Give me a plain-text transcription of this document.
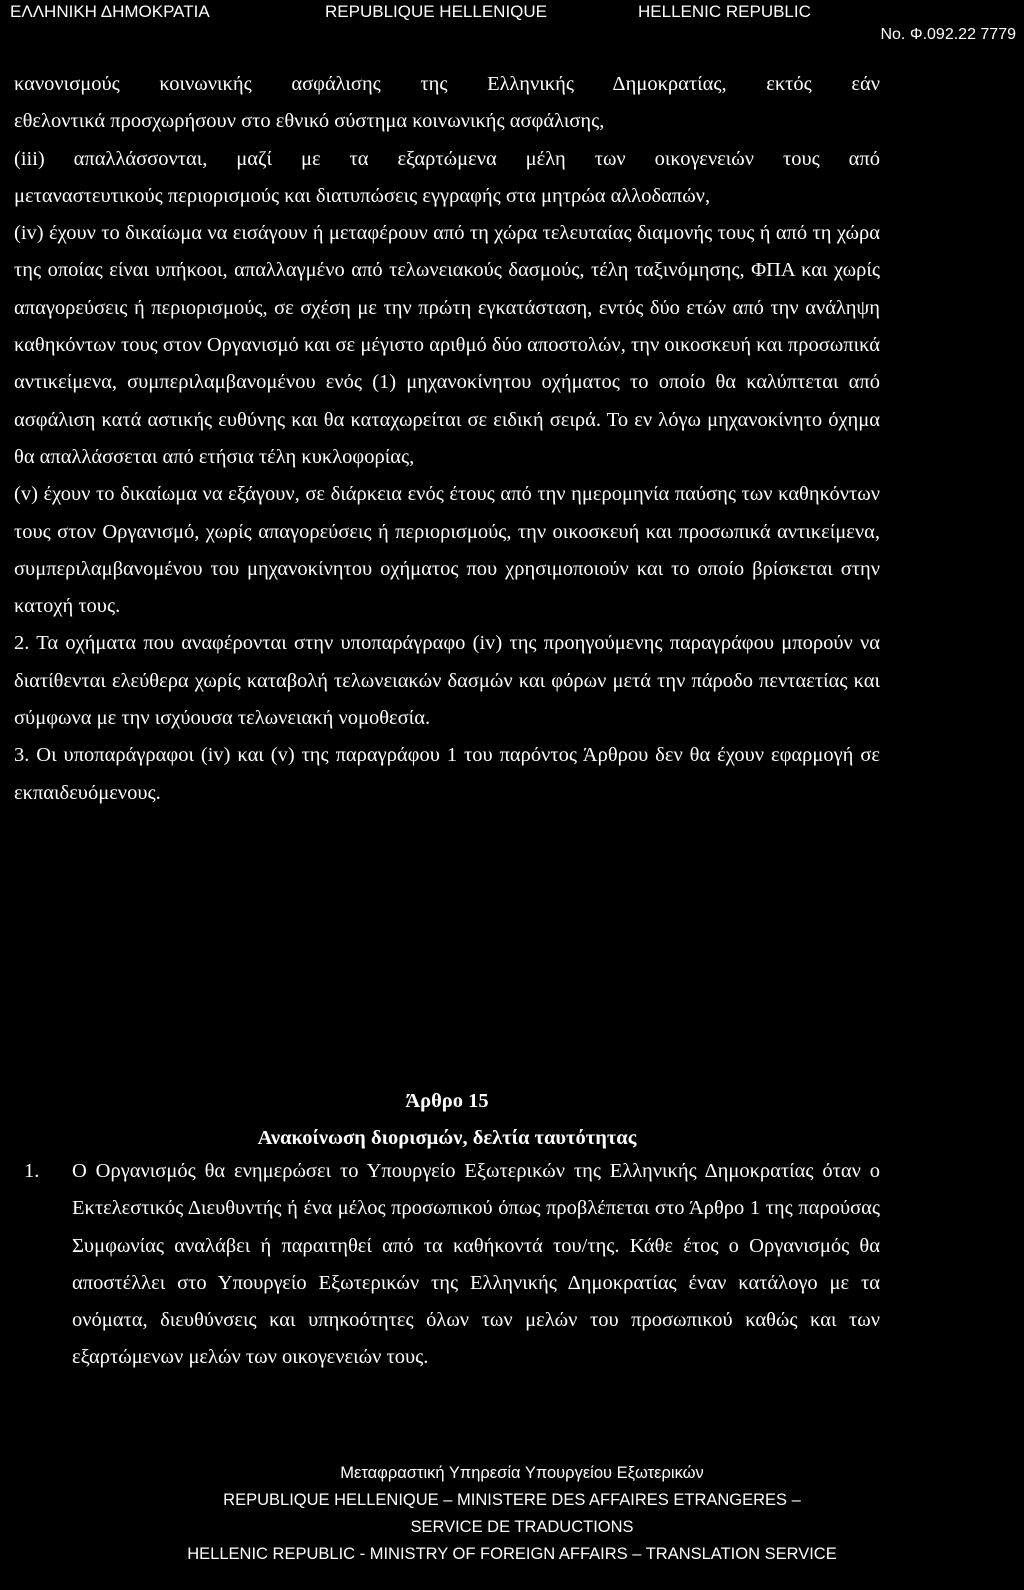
ΕΛΛΗΝΙΚΗ ΔΗΜΟΚΡΑΤΙΑ	REPUBLIQUE HELLENIQUE	HELLENIC REPUBLIC
No. Φ.092.22 7779

κανονισμούς κοινωνικής ασφάλισης της Ελληνικής Δημοκρατίας, εκτός εάν

εθελοντικά προσχωρήσουν στο εθνικό σύστημα κοινωνικής ασφάλισης,

(iii) απαλλάσσονται, μαζί με τα εξαρτώμενα μέλη των οικογενειών τους από

μεταναστευτικούς περιορισμούς και διατυπώσεις εγγραφής στα μητρώα αλλοδαπών,

(iv) έχουν το δικαίωμα να εισάγουν ή μεταφέρουν από τη χώρα τελευταίας διαμονής τους ή από τη χώρα της οποίας είναι υπήκοοι, απαλλαγμένο από τελωνειακούς δασμούς, τέλη ταξινόμησης, ΦΠΑ και χωρίς απαγορεύσεις ή περιορισμούς, σε σχέση με την πρώτη εγκατάσταση, εντός δύο ετών από την ανάληψη καθηκόντων τους στον Οργανισμό και σε μέγιστο αριθμό δύο αποστολών, την οικοσκευή και προσωπικά αντικείμενα, συμπεριλαμβανομένου ενός (1) μηχανοκίνητου οχήματος το οποίο θα καλύπτεται από ασφάλιση κατά αστικής ευθύνης και θα καταχωρείται σε ειδική σειρά. Το εν λόγω μηχανοκίνητο όχημα θα απαλλάσσεται από ετήσια τέλη κυκλοφορίας,

(v) έχουν το δικαίωμα να εξάγουν, σε διάρκεια ενός έτους από την ημερομηνία παύσης των καθηκόντων τους στον Οργανισμό, χωρίς απαγορεύσεις ή περιορισμούς, την οικοσκευή και προσωπικά αντικείμενα, συμπεριλαμβανομένου του μηχανοκίνητου οχήματος που χρησιμοποιούν και το οποίο βρίσκεται στην κατοχή τους.

2. Τα οχήματα που αναφέρονται στην υποπαράγραφο (iv) της προηγούμενης παραγράφου μπορούν να διατίθενται ελεύθερα χωρίς καταβολή τελωνειακών δασμών και φόρων μετά την πάροδο πενταετίας και σύμφωνα με την ισχύουσα τελωνειακή νομοθεσία.

3. Οι υποπαράγραφοι (iv) και (v) της παραγράφου 1 του παρόντος Άρθρου δεν θα έχουν εφαρμογή σε εκπαιδευόμενους.

Άρθρο 15
Ανακοίνωση διορισμών, δελτία ταυτότητας
1. Ο Οργανισμός θα ενημερώσει το Υπουργείο Εξωτερικών της Ελληνικής Δημοκρατίας όταν ο Εκτελεστικός Διευθυντής ή ένα μέλος προσωπικού όπως προβλέπεται στο Άρθρο 1 της παρούσας Συμφωνίας αναλάβει ή παραιτηθεί από τα καθήκοντά του/της. Κάθε έτος ο Οργανισμός θα αποστέλλει στο Υπουργείο Εξωτερικών της Ελληνικής Δημοκρατίας έναν κατάλογο με τα ονόματα, διευθύνσεις και υπηκοότητες όλων των μελών του προσωπικού καθώς και των εξαρτώμενων μελών των οικογενειών τους.
Μεταφραστική Υπηρεσία Υπουργείου Εξωτερικών
REPUBLIQUE HELLENIQUE – MINISTERE DES AFFAIRES ETRANGERES –
SERVICE DE TRADUCTIONS
HELLENIC REPUBLIC - MINISTRY OF FOREIGN AFFAIRS – TRANSLATION SERVICE
